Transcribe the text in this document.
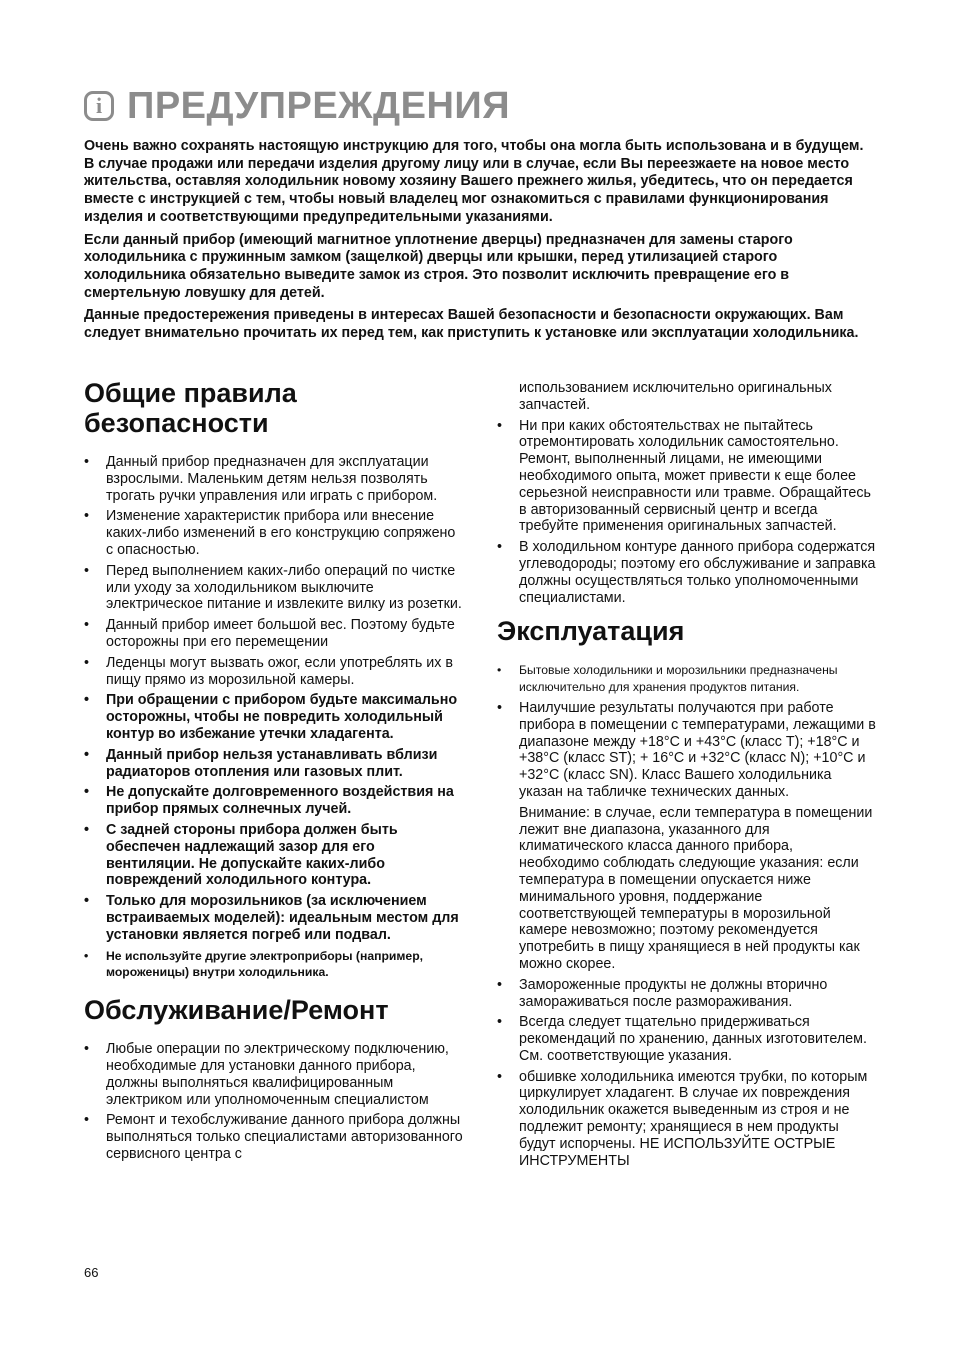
i ПРЕДУПРЕЖДЕНИЯ

Очень важно сохранять настоящую инструкцию для того, чтобы она могла быть использована и в будущем. В случае продажи или передачи изделия другому лицу или в случае, если Вы переезжаете на новое место жительства, оставляя холодильник новому хозяину Вашего прежнего жилья, убедитесь, что он передается вместе с инструкцией с тем, чтобы новый владелец мог ознакомиться с правилами функционирования изделия и соответствующими предупредительными указаниями.

Если данный прибор (имеющий магнитное уплотнение дверцы) предназначен для замены старого холодильника с пружинным замком (защелкой) дверцы или крышки, перед утилизацией старого холодильника обязательно выведите замок из строя. Это позволит исключить превращение его в смертельную ловушку для детей.

Данные предостережения приведены в интересах Вашей безопасности и безопасности окружающих. Вам следует внимательно прочитать их перед тем, как приступить к установке или эксплуатации холодильника.

Общие правила
безопасности
• Данный прибор предназначен для эксплуатации взрослыми. Маленьким детям нельзя позволять трогать ручки управления или играть с прибором.
• Изменение характеристик прибора или внесение каких-либо изменений в его конструкцию сопряжено с опасностью.
• Перед выполнением каких-либо операций по чистке или уходу за холодильником выключите электрическое питание и извлеките вилку из розетки.
• Данный прибор имеет большой вес. Поэтому будьте осторожны при его перемещении
• Леденцы могут вызвать ожог, если употреблять их в пищу прямо из морозильной камеры.
• При обращении с прибором будьте максимально осторожны, чтобы не повредить холодильный контур во избежание утечки хладагента.
• Данный прибор нельзя устанавливать вблизи радиаторов отопления или газовых плит.
• Не допускайте долговременного воздействия на прибор прямых солнечных лучей.
• С задней стороны прибора должен быть обеспечен надлежащий зазор для его вентиляции. Не допускайте каких-либо повреждений холодильного контура.
• Только для морозильников (за исключением встраиваемых моделей): идеальным местом для установки является погреб или подвал.
• Не используйте другие электроприборы (например, мороженицы) внутри холодильника.
Обслуживание/Ремонт
• Любые операции по электрическому подключению, необходимые для установки данного прибора, должны выполняться квалифицированным электриком или уполномоченным специалистом
• Ремонт и техобслуживание данного прибора должны выполняться только специалистами авторизованного сервисного центра с

использованием исключительно оригинальных запчастей.

• Ни при каких обстоятельствах не пытайтесь отремонтировать холодильник самостоятельно. Ремонт, выполненный лицами, не имеющими необходимого опыта, может привести к еще более серьезной неисправности или травме. Обращайтесь в авторизованный сервисный центр и всегда требуйте применения оригинальных запчастей.
• В холодильном контуре данного прибора содержатся углеводороды; поэтому его обслуживание и заправка должны осуществляться только уполномоченными специалистами.
Эксплуатация
• Бытовые холодильники и морозильники предназначены исключительно для хранения продуктов питания.
• Наилучшие результаты получаются при работе прибора в помещении с температурами, лежащими в диапазоне между +18°C и +43°C (класс T); +18°C и +38°C (класс ST); + 16°C и +32°C (класс N); +10°C и +32°C (класс SN). Класс Вашего холодильника указан на табличке технических данных.

Внимание: в случае, если температура в помещении лежит вне диапазона, указанного для климатического класса данного прибора, необходимо соблюдать следующие указания: если температура в помещении опускается ниже минимального уровня, поддержание соответствующей температуры в морозильной камере невозможно; поэтому рекомендуется употребить в пищу хранящиеся в ней продукты как можно скорее.

• Замороженные продукты не должны вторично замораживаться после размораживания.
• Всегда следует тщательно придерживаться рекомендаций по хранению, данных изготовителем. См. соответствующие указания.
• обшивке холодильника имеются трубки, по которым циркулирует хладагент. В случае их повреждения холодильник окажется выведенным из строя и не подлежит ремонту; хранящиеся в нем продукты будут испорчены. НЕ ИСПОЛЬЗУЙТЕ ОСТРЫЕ ИНСТРУМЕНТЫ
66
